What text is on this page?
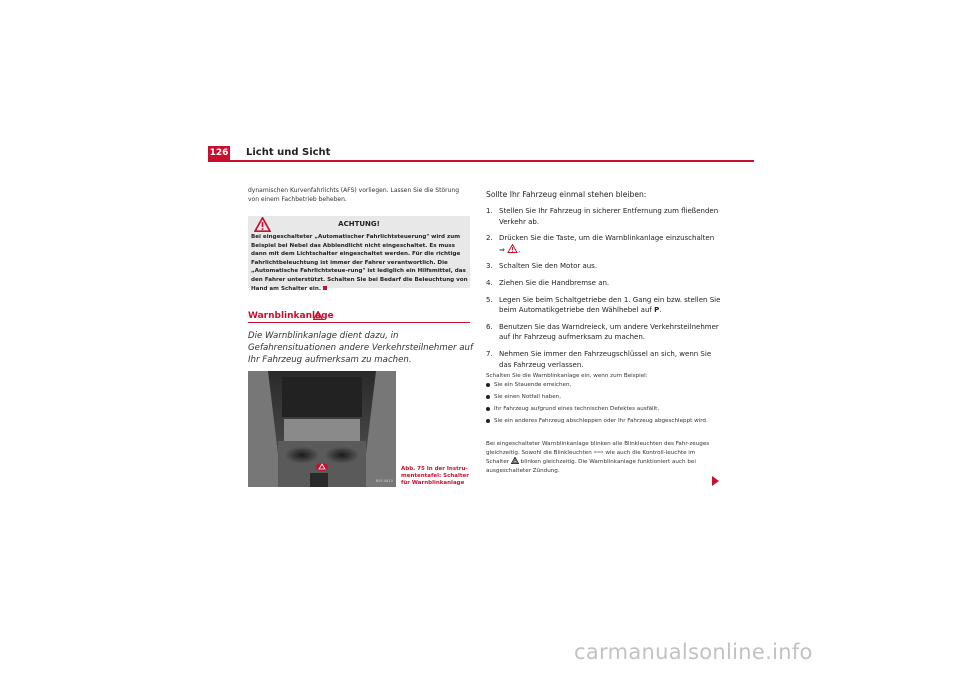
126 Licht und Sicht
dynamischen Kurvenfahrlichts (AFS) vorliegen. Lassen Sie die Störung von einem Fachbetrieb beheben.
ACHTUNG!
Bei eingeschalteter „Automatischer Fahrlichtsteuerung" wird zum Beispiel bei Nebel das Abblendlicht nicht eingeschaltet. Es muss dann mit dem Lichtschalter eingeschaltet werden. Für die richtige Fahrlichtbeleuchtung ist immer der Fahrer verantwortlich. Die „Automatische Fahrlichtsteue-rung" ist lediglich ein Hilfsmittel, das den Fahrer unterstützt. Schalten Sie bei Bedarf die Beleuchtung von Hand am Schalter ein.
Warnblinkanlage
Die Warnblinkanlage dient dazu, in Gefahrensituationen andere Verkehrsteilnehmer auf Ihr Fahrzeug aufmerksam zu machen.
B5P-0610
Abb. 75 In der Instru-mententafel: Schalter für Warnblinkanlage
Sollte Ihr Fahrzeug einmal stehen bleiben:
1. Stellen Sie Ihr Fahrzeug in sicherer Entfernung zum fließenden Verkehr ab.
2. Drücken Sie die Taste, um die Warnblinkanlage einzuschalten
⇒ .
3. Schalten Sie den Motor aus.
4. Ziehen Sie die Handbremse an.
5. Legen Sie beim Schaltgetriebe den 1. Gang ein bzw. stellen Sie beim Automatikgetriebe den Wählhebel auf P.
6. Benutzen Sie das Warndreieck, um andere Verkehrsteilnehmer auf Ihr Fahrzeug aufmerksam zu machen.
7. Nehmen Sie immer den Fahrzeugschlüssel an sich, wenn Sie das Fahrzeug verlassen.
Schalten Sie die Warnblinkanlage ein, wenn zum Beispiel:
Sie ein Stauende erreichen,
Sie einen Notfall haben,
Ihr Fahrzeug aufgrund eines technischen Defektes ausfällt,
Sie ein anderes Fahrzeug abschleppen oder Ihr Fahrzeug abgeschleppt wird.
Bei eingeschalteter Warnblinkanlage blinken alle Blinkleuchten des Fahr-zeuges gleichzeitig. Sowohl die Blinkleuchten ⇦⇨ wie auch die Kontroll-leuchte im Schalter blinken gleichzeitig. Die Warnblinkanlage funktioniert auch bei ausgeschalteter Zündung.
carmanualsonline.info
